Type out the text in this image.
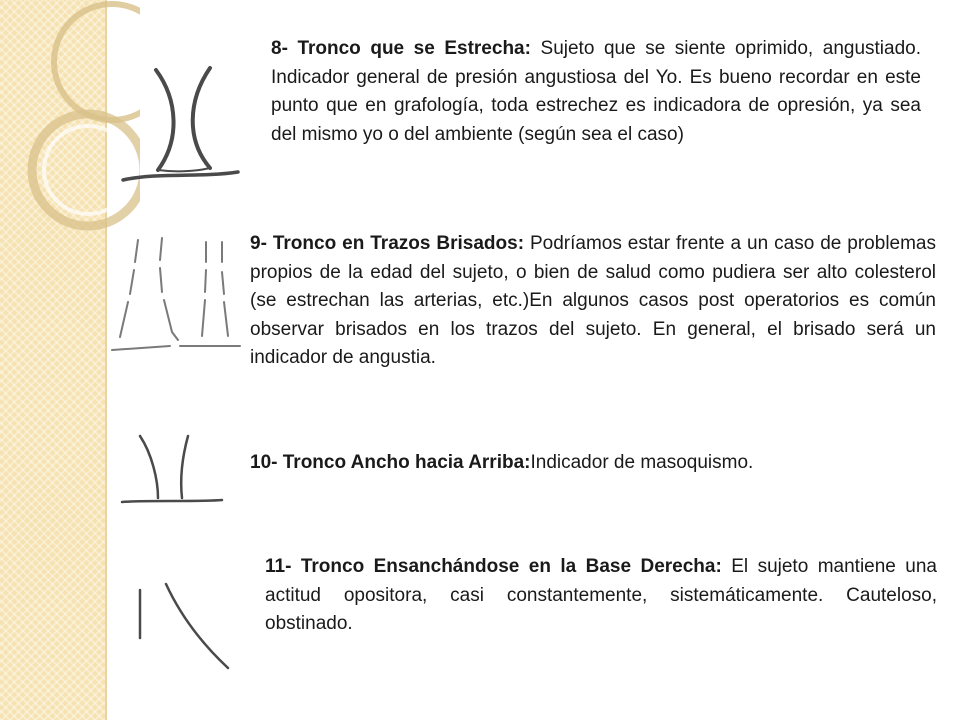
8- Tronco que se Estrecha: Sujeto que se siente oprimido, angustiado. Indicador general de presión angustiosa del Yo. Es bueno recordar en este punto que en grafología, toda estrechez es indicadora de opresión, ya sea del mismo yo o del ambiente (según sea el caso)

9- Tronco en Trazos Brisados: Podríamos estar frente a un caso de problemas propios de la edad del sujeto, o bien de salud como pudiera ser alto colesterol (se estrechan las arterias, etc.)En algunos casos post operatorios es común observar brisados en los trazos del sujeto. En general, el brisado será un indicador de angustia.

10- Tronco Ancho hacia Arriba:Indicador de masoquismo.

11- Tronco Ensanchándose en la Base Derecha: El sujeto mantiene una actitud opositora, casi constantemente, sistemáticamente. Cauteloso, obstinado.
